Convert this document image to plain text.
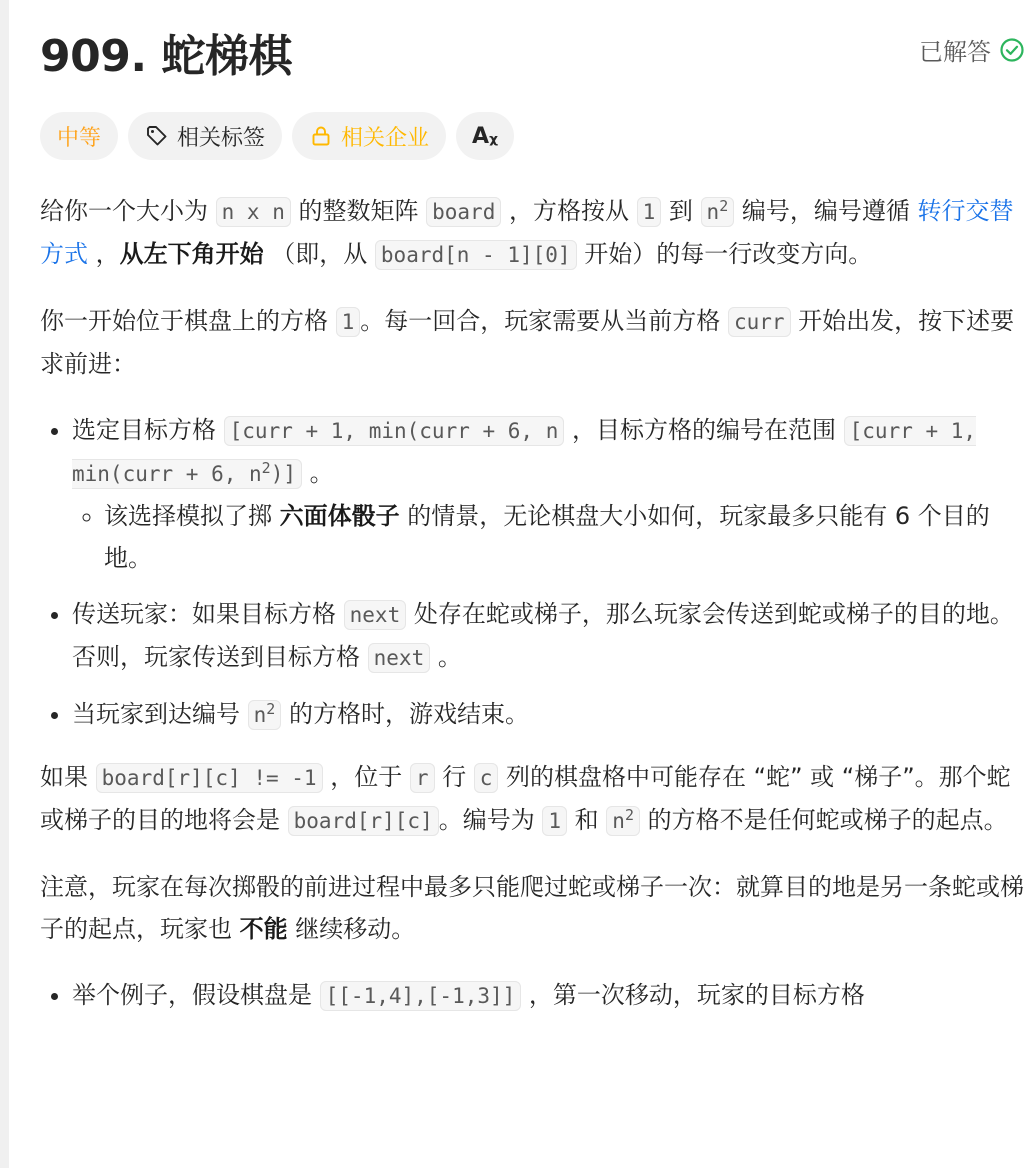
909. 蛇梯棋	已解答
中等	相关标签	相关企业 Aᵪ

给你一个大小为 n x n 的整数矩阵 board ，方格按从 1 到 $n^2$ 编号，编号遵循 转行交替方式 ，从左下角开始 （即，从 board[n - 1][0] 开始）的每一行改变方向。

你一开始位于棋盘上的方格 1 。每一回合，玩家需要从当前方格 curr 开始出发，按下述要求前进：

• 选定目标方格 [curr + 1, min(curr + 6, n ，目标方格的编号在范围 [curr + 1, min(curr + 6, $n^2$)] 。
◦ 该选择模拟了掷 六面体骰子 的情景，无论棋盘大小如何，玩家最多只能有 6 个目的地。
• 传送玩家：如果目标方格 next 处存在蛇或梯子，那么玩家会传送到蛇或梯子的目的地。否则，玩家传送到目标方格 next 。
• 当玩家到达编号 $n^2$ 的方格时，游戏结束。

如果 board[r][c] != -1 ，位于 r 行 c 列的棋盘格中可能存在 “蛇” 或 “梯子”。那个蛇或梯子的目的地将会是 board[r][c] 。编号为 1 和 $n^2$ 的方格不是任何蛇或梯子的起点。

注意，玩家在每次掷骰的前进过程中最多只能爬过蛇或梯子一次：就算目的地是另一条蛇或梯子的起点，玩家也 不能 继续移动。

• 举个例子，假设棋盘是 [[-1,4],[-1,3]] ，第一次移动，玩家的目标方格
